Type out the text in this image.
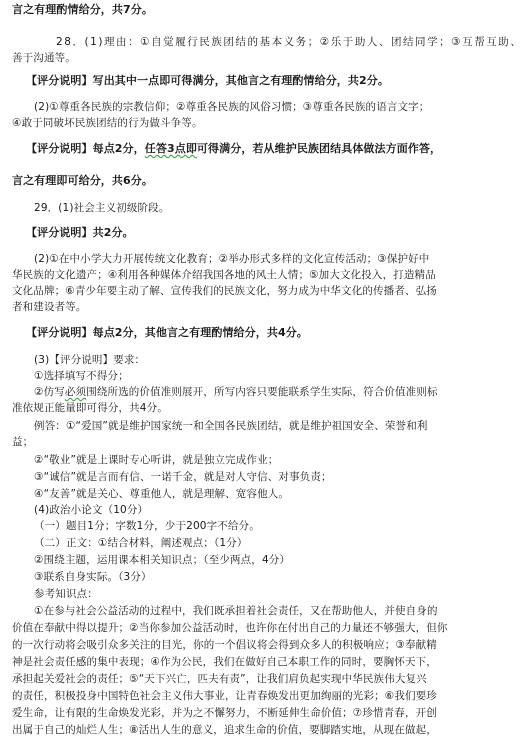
言之有理酌情给分，共7分。
28．(1)理由：①自觉履行民族团结的基本义务；②乐于助人、团结同学；③互帮互助、
善于沟通等。
【评分说明】写出其中一点即可得满分，其他言之有理酌情给分，共2分。
(2)①尊重各民族的宗教信仰；②尊重各民族的风俗习惯；③尊重各民族的语言文字；
④敢于同破坏民族团结的行为做斗争等。
【评分说明】每点2分，任答3点即可得满分，若从维护民族团结具体做法方面作答，
言之有理即可给分，共6分。
29．(1)社会主义初级阶段。
【评分说明】共2分。
(2)①在中小学大力开展传统文化教育；②举办形式多样的文化宣传活动；③保护好中
华民族的文化遗产；④利用各种媒体介绍我国各地的风土人情；⑤加大文化投入，打造精品
文化品牌；⑥青少年要主动了解、宣传我们的民族文化，努力成为中华文化的传播者、弘扬
者和建设者等。
【评分说明】每点2分，其他言之有理酌情给分，共4分。
(3)【评分说明】要求：
①选择填写不得分；
②仿写必须围绕所选的价值准则展开，所写内容只要能联系学生实际，符合价值准则标
准依规正能量即可得分，共4分。
例答：①“爱国”就是维护国家统一和全国各民族团结，就是维护祖国安全、荣誉和利
益；
②“敬业”就是上课时专心听讲，就是独立完成作业；
③“诚信”就是言而有信、一诺千金，就是对人守信、对事负责；
④“友善”就是关心、尊重他人，就是理解、宽容他人。
(4)政治小论文（10分）
（一）题目1分；字数1分，少于200字不给分。
（二）正文：①结合材料，阐述观点；（1分）
②围绕主题，运用课本相关知识点；（至少两点，4分）
③联系自身实际。（3分）
参考知识点：
①在参与社会公益活动的过程中，我们既承担着社会责任，又在帮助他人，并使自身的
价值在奉献中得以提升；②当你参加公益活动时，也许你在付出自己的力量还不够强大，但你
的一次行动将会吸引众多关注的目光，你的一个倡议将会得到众多人的积极响应；③奉献精
神是社会责任感的集中表现；④作为公民，我们在做好自己本职工作的同时，要胸怀天下，
承担起关爱社会的责任；⑤“天下兴亡，匹夫有责”，让我们肩负起实现中华民族伟大复兴
的责任，积极投身中国特色社会主义伟大事业，让青春焕发出更加绚丽的光彩；⑥我们要珍
爱生命，让有限的生命焕发光彩，并为之不懈努力，不断延伸生命价值；⑦珍惜青春，开创
出属于自己的灿烂人生；⑧活出人生的意义，追求生命的价值，要脚踏实地，从现在做起，
